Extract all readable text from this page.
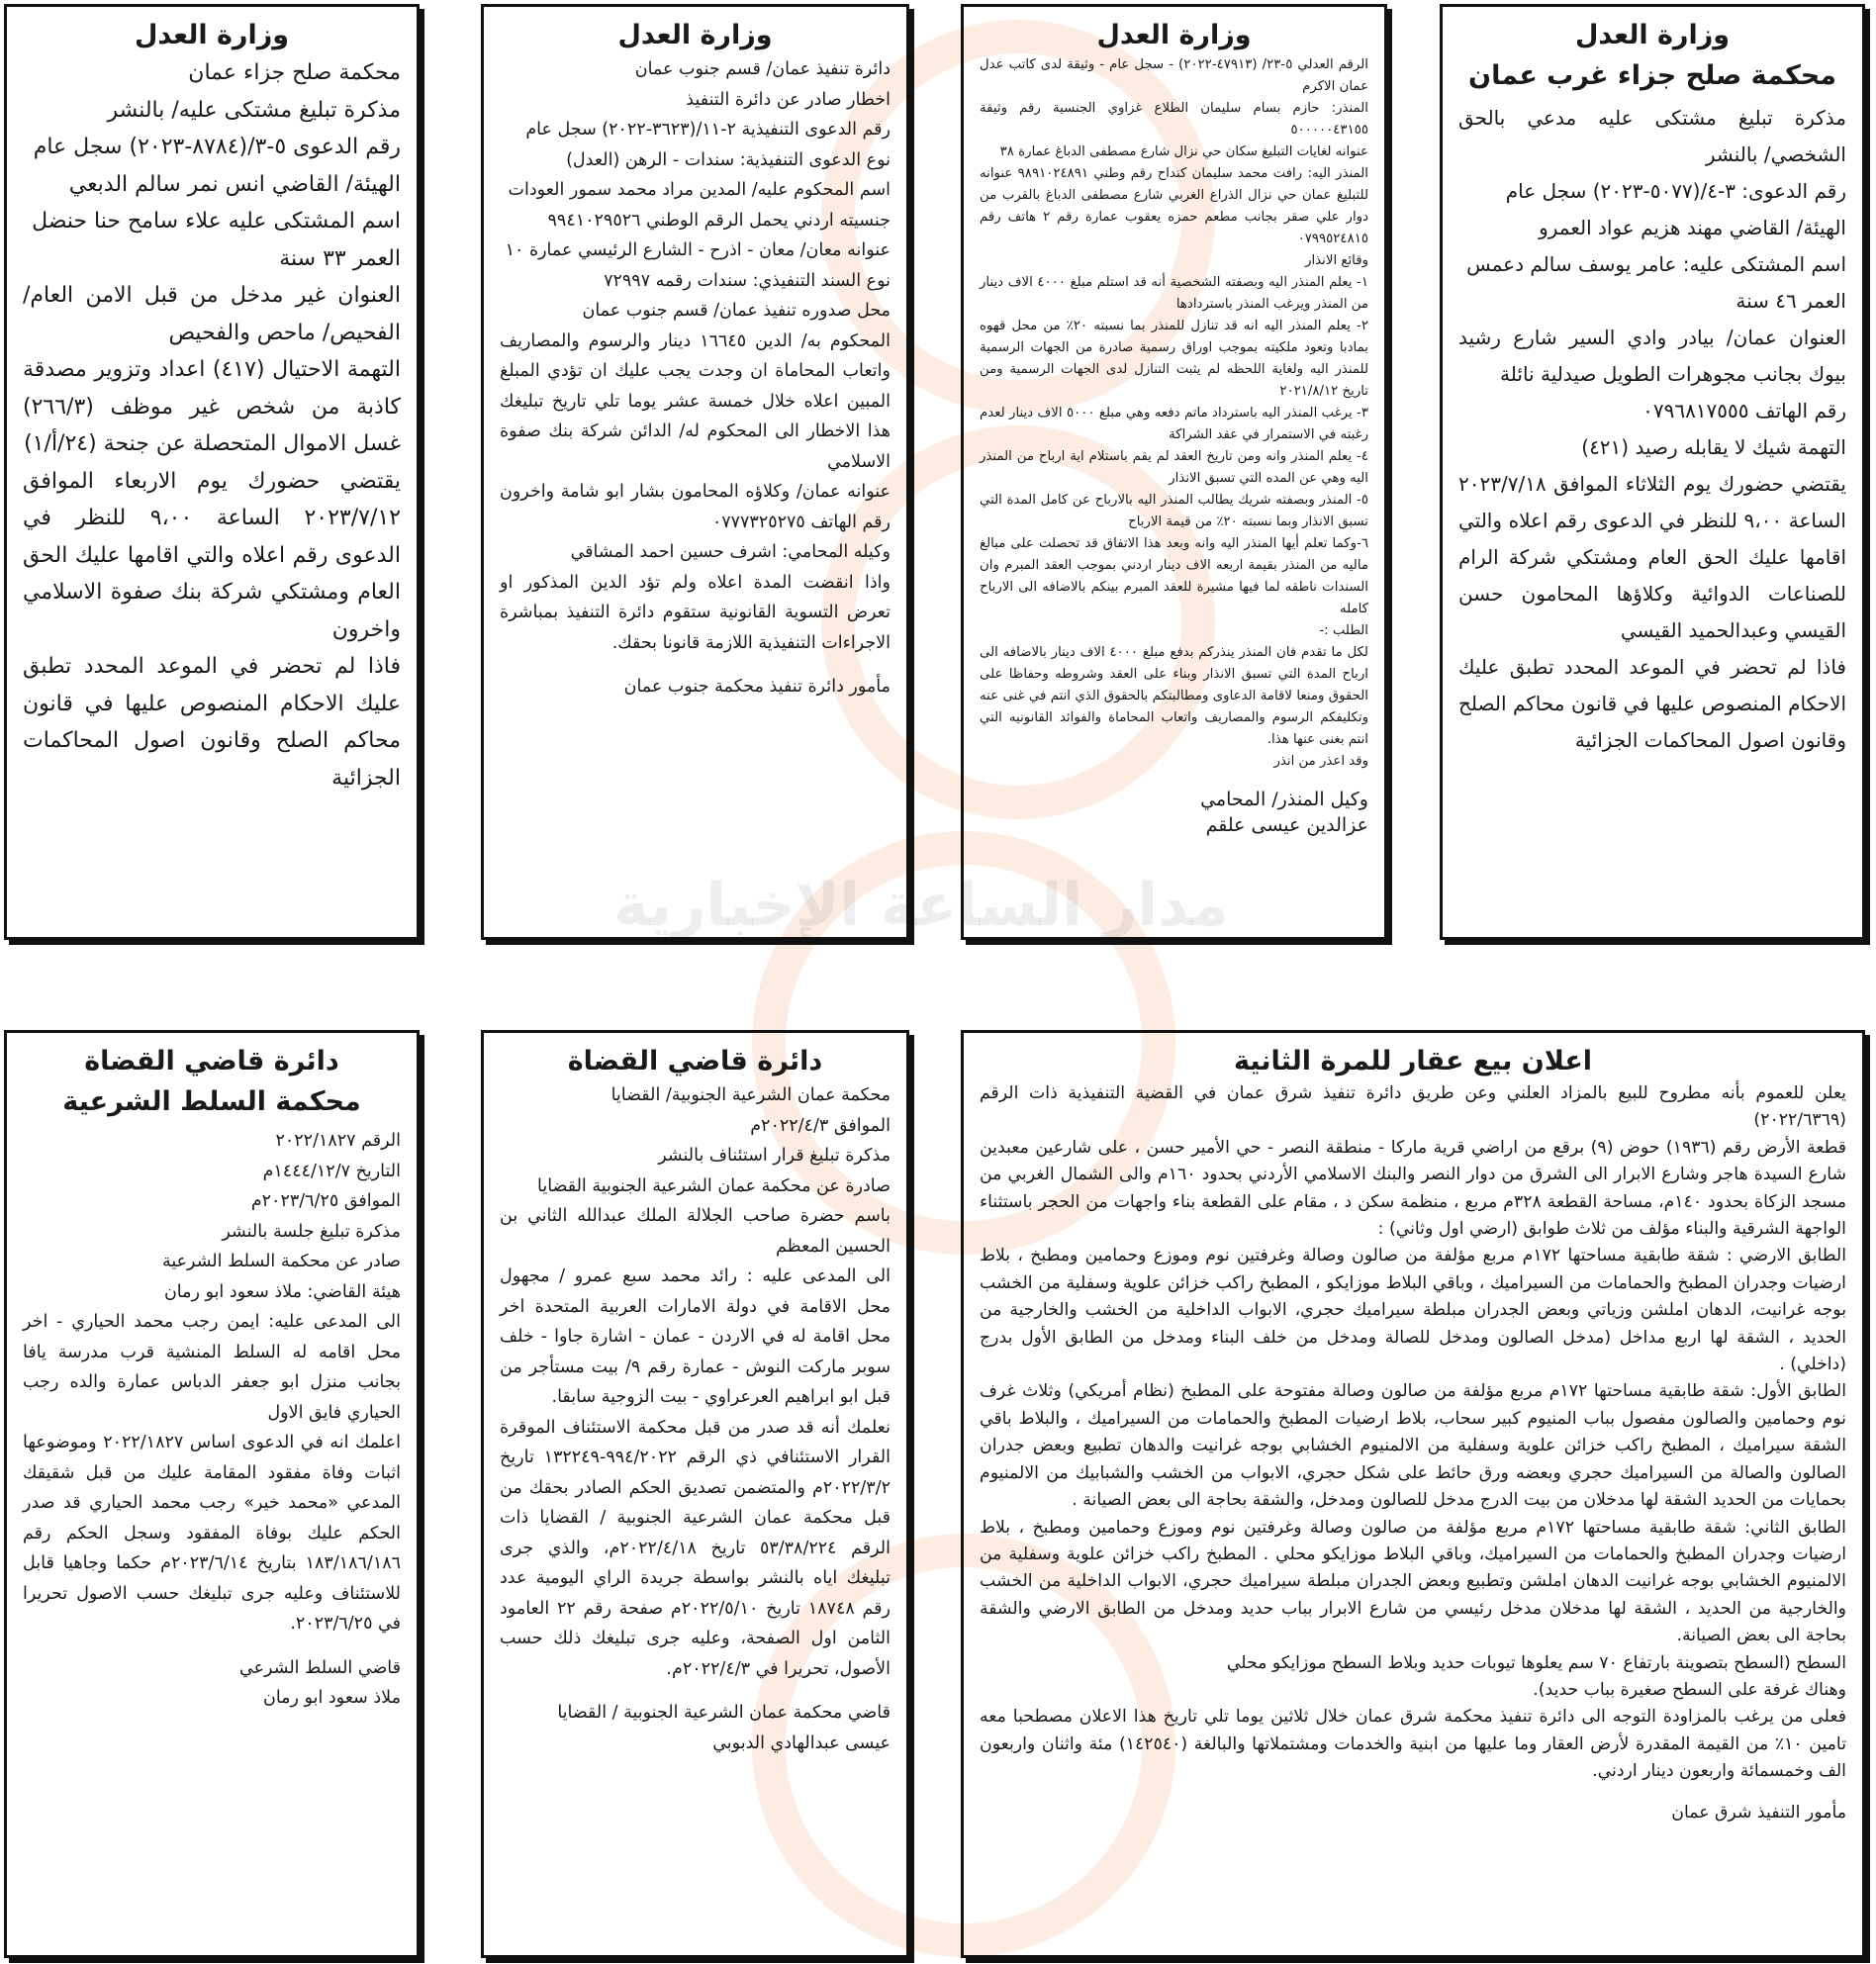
مدار الساعة الإخبارية
وزارة العدل
محكمة صلح جزاء غرب عمان

مذكرة تبليغ مشتكى عليه مدعي بالحق الشخصي/ بالنشر

رقم الدعوى: ٣-٤/(٥٠٧٧-٢٠٢٣) سجل عام

الهيئة/ القاضي مهند هزيم عواد العمرو

اسم المشتكى عليه: عامر يوسف سالم دعمس

العمر ٤٦ سنة

العنوان عمان/ بيادر وادي السير شارع رشيد بيوك بجانب مجوهرات الطويل صيدلية نائلة

رقم الهاتف ٠٧٩٦٨١٧٥٥٥

التهمة شيك لا يقابله رصيد (٤٢١)

يقتضي حضورك يوم الثلاثاء الموافق ٢٠٢٣/٧/١٨ الساعة ٩،٠٠ للنظر في الدعوى رقم اعلاه والتي اقامها عليك الحق العام ومشتكي شركة الرام للصناعات الدوائية وكلاؤها المحامون حسن القيسي وعبدالحميد القيسي

فاذا لم تحضر في الموعد المحدد تطبق عليك الاحكام المنصوص عليها في قانون محاكم الصلح وقانون اصول المحاكمات الجزائية

وزارة العدل

الرقم العدلي ٥-٢٣/ (٤٧٩١٣-٢٠٢٢) - سجل عام - وثيقة لدى كاتب عدل عمان الاكرم

المنذر: حازم بسام سليمان الطلاع غزاوي الجنسية رقم وثيقة ٥٠٠٠٠٠٤٣١٥٥

عنوانه لغايات التبليغ سكان حي نزال شارع مصطفى الدباغ عمارة ٣٨

المنذر اليه: رافت محمد سليمان كنداح رقم وطني ٩٨٩١٠٢٤٨٩١ عنوانه للتبليغ عمان حي نزال الذراع الغربي شارع مصطفى الدباغ بالقرب من دوار علي صقر بجانب مطعم حمزه يعقوب عمارة رقم ٢ هاتف رقم ٠٧٩٩٥٢٤٨١٥

وقائع الانذار

١- يعلم المنذر اليه وبصفته الشخصية أنه قد استلم مبلغ ٤٠٠٠ الاف دينار من المنذر ويرغب المنذر باستردادها

٢- يعلم المنذر اليه انه قد تنازل للمنذر بما نسبته ٢٠٪ من محل قهوه بمادبا وتعود ملكيته بموجب اوراق رسمية صادرة من الجهات الرسمية للمنذر اليه ولغاية اللحظه لم يثبت التنازل لدى الجهات الرسمية ومن تاريخ ٢٠٢١/٨/١٢

٣- يرغب المنذر اليه باسترداد ماتم دفعه وهي مبلغ ٥٠٠٠ الاف دينار لعدم رغبته في الاستمرار في عقد الشراكة

٤- يعلم المنذر وانه ومن تاريخ العقد لم يقم باستلام اية ارباح من المنذر اليه وهي عن المده التي تسبق الانذار

٥- المنذر وبصفته شريك يطالب المنذر اليه بالارباح عن كامل المدة التي تسبق الانذار وبما نسبته ٢٠٪ من قيمة الارباح

٦-وكما تعلم أيها المنذر اليه وانه وبعد هذا الاتفاق قد تحصلت على مبالغ ماليه من المنذر بقيمة اربعه الاف دينار اردني بموجب العقد المبرم وان السندات ناطقه لما فيها مشيرة للعقد المبرم بينكم بالاضافه الى الارباح كامله

الطلب :-

لكل ما تقدم فان المنذر ينذركم بدفع مبلغ ٤٠٠٠ الاف دينار بالاضافه الى ارباح المدة التي تسبق الانذار وبناء على العقد وشروطه وحفاظا على الحقوق ومنعا لاقامة الدعاوى ومطالبتكم بالحقوق الذي انتم في غنى عنه وتكليفكم الرسوم والمصاريف واتعاب المحاماة والفوائد القانونيه التي انتم بغنى عنها هذا.

وقد اعذر من انذر

وكيل المنذر/ المحامي

عزالدين عيسى علقم

وزارة العدل

دائرة تنفيذ عمان/ قسم جنوب عمان

اخطار صادر عن دائرة التنفيذ

رقم الدعوى التنفيذية ٢-١١/(٣٦٢٣-٢٠٢٢) سجل عام

نوع الدعوى التنفيذية: سندات - الرهن (العدل)

اسم المحكوم عليه/ المدين مراد محمد سمور العودات

جنسيته اردني يحمل الرقم الوطني ٩٩٤١٠٢٩٥٢٦

عنوانه معان/ معان - اذرح - الشارع الرئيسي عمارة ١٠

نوع السند التنفيذي: سندات رقمه ٧٢٩٩٧

محل صدوره تنفيذ عمان/ قسم جنوب عمان

المحكوم به/ الدين ١٦٦٤٥ دينار والرسوم والمصاريف واتعاب المحاماة ان وجدت يجب عليك ان تؤدي المبلغ المبين اعلاه خلال خمسة عشر يوما تلي تاريخ تبليغك هذا الاخطار الى المحكوم له/ الدائن شركة بنك صفوة الاسلامي

عنوانه عمان/ وكلاؤه المحامون بشار ابو شامة واخرون رقم الهاتف ٠٧٧٧٣٢٥٢٧٥

وكيله المحامي: اشرف حسين احمد المشاقي

واذا انقضت المدة اعلاه ولم تؤد الدين المذكور او تعرض التسوية القانونية ستقوم دائرة التنفيذ بمباشرة الاجراءات التنفيذية اللازمة قانونا بحقك.

مأمور دائرة تنفيذ محكمة جنوب عمان

وزارة العدل

محكمة صلح جزاء عمان

مذكرة تبليغ مشتكى عليه/ بالنشر

رقم الدعوى ٥-٣/(٨٧٨٤-٢٠٢٣) سجل عام

الهيئة/ القاضي انس نمر سالم الدبعي

اسم المشتكى عليه علاء سامح حنا حنضل

العمر ٣٣ سنة

العنوان غير مدخل من قبل الامن العام/ الفحيص/ ماحص والفحيص

التهمة الاحتيال (٤١٧) اعداد وتزوير مصدقة كاذبة من شخص غير موظف (٢٦٦/٣) غسل الاموال المتحصلة عن جنحة (٢٤/أ/١)

يقتضي حضورك يوم الاربعاء الموافق ٢٠٢٣/٧/١٢ الساعة ٩،٠٠ للنظر في الدعوى رقم اعلاه والتي اقامها عليك الحق العام ومشتكي شركة بنك صفوة الاسلامي واخرون

فاذا لم تحضر في الموعد المحدد تطبق عليك الاحكام المنصوص عليها في قانون محاكم الصلح وقانون اصول المحاكمات الجزائية

اعلان بيع عقار للمرة الثانية

يعلن للعموم بأنه مطروح للبيع بالمزاد العلني وعن طريق دائرة تنفيذ شرق عمان في القضية التنفيذية ذات الرقم (٢٠٢٢/٦٣٦٩)

قطعة الأرض رقم (١٩٣٦) حوض (٩) برقع من اراضي قرية ماركا - منطقة النصر - حي الأمير حسن ، على شارعين معبدين شارع السيدة هاجر وشارع الابرار الى الشرق من دوار النصر والبنك الاسلامي الأردني بحدود ١٦٠م والى الشمال الغربي من مسجد الزكاة بحدود ١٤٠م، مساحة القطعة ٣٢٨م مربع ، منظمة سكن د ، مقام على القطعة بناء واجهات من الحجر باستثناء الواجهة الشرقية والبناء مؤلف من ثلاث طوابق (ارضي اول وثاني) :

الطابق الارضي : شقة طابقية مساحتها ١٧٢م مربع مؤلفة من صالون وصالة وغرفتين نوم وموزع وحمامين ومطبخ ، بلاط ارضيات وجدران المطبخ والحمامات من السيراميك ، وباقي البلاط موزايكو ، المطبخ راكب خزائن علوية وسفلية من الخشب بوجه غرانيت، الدهان املشن وزياتي وبعض الجدران مبلطة سيراميك حجري، الابواب الداخلية من الخشب والخارجية من الحديد ، الشقة لها اربع مداخل (مدخل الصالون ومدخل للصالة ومدخل من خلف البناء ومدخل من الطابق الأول بدرج (داخلي) .

الطابق الأول: شقة طابقية مساحتها ١٧٢م مربع مؤلفة من صالون وصالة مفتوحة على المطبخ (نظام أمريكي) وثلاث غرف نوم وحمامين والصالون مفصول بباب المنيوم كبير سحاب، بلاط ارضيات المطبخ والحمامات من السيراميك ، والبلاط باقي الشقة سيراميك ، المطبخ راكب خزائن علوية وسفلية من الالمنيوم الخشابي بوجه غرانيت والدهان تطبيع وبعض جدران الصالون والصالة من السيراميك حجري وبعضه ورق حائط على شكل حجري، الابواب من الخشب والشبابيك من الالمنيوم بحمايات من الحديد الشقة لها مدخلان من بيت الدرج مدخل للصالون ومدخل، والشقة بحاجة الى بعض الصيانة .

الطابق الثاني: شقة طابقية مساحتها ١٧٢م مربع مؤلفة من صالون وصالة وغرفتين نوم وموزع وحمامين ومطبخ ، بلاط ارضيات وجدران المطبخ والحمامات من السيراميك، وباقي البلاط موزايكو محلي . المطبخ راكب خزائن علوية وسفلية من الالمنيوم الخشابي بوجه غرانيت الدهان املشن وتطبيع وبعض الجدران مبلطة سيراميك حجري، الابواب الداخلية من الخشب والخارجية من الحديد ، الشقة لها مدخلان مدخل رئيسي من شارع الابرار بباب حديد ومدخل من الطابق الارضي والشقة بحاجة الى بعض الصيانة.

السطح (السطح بتصوينة بارتفاع ٧٠ سم يعلوها تيوبات حديد وبلاط السطح موزايكو محلي

وهناك غرفة على السطح صغيرة بباب حديد).

فعلى من يرغب بالمزاودة التوجه الى دائرة تنفيذ محكمة شرق عمان خلال ثلاثين يوما تلي تاريخ هذا الاعلان مصطحبا معه تامين ١٠٪ من القيمة المقدرة لأرض العقار وما عليها من ابنية والخدمات ومشتملاتها والبالغة (١٤٢٥٤٠) مئة واثنان واربعون الف وخمسمائة واربعون دينار اردني.

مأمور التنفيذ شرق عمان

دائرة قاضي القضاة

محكمة عمان الشرعية الجنوبية/ القضايا

الموافق ٢٠٢٢/٤/٣م

مذكرة تبليغ قرار استئناف بالنشر

صادرة عن محكمة عمان الشرعية الجنوبية القضايا

باسم حضرة صاحب الجلالة الملك عبدالله الثاني بن الحسين المعظم

الى المدعى عليه : رائد محمد سبع عمرو / مجهول محل الاقامة في دولة الامارات العربية المتحدة اخر محل اقامة له في الاردن - عمان - اشارة جاوا - خلف سوبر ماركت النوش - عمارة رقم ٩/ بيت مستأجر من قبل ابو ابراهيم العرعراوي - بيت الزوجية سابقا.

نعلمك أنه قد صدر من قبل محكمة الاستئناف الموقرة القرار الاستئنافي ذي الرقم ٩٩٤/٢٠٢٢-١٣٢٢٤٩ تاريخ ٢٠٢٢/٣/٢م والمتضمن تصديق الحكم الصادر بحقك من قبل محكمة عمان الشرعية الجنوبية / القضايا ذات الرقم ٥٣/٣٨/٢٢٤ تاريخ ٢٠٢٢/٤/١٨م، والذي جرى تبليغك اياه بالنشر بواسطة جريدة الراي اليومية عدد رقم ١٨٧٤٨ تاريخ ٢٠٢٢/٥/١٠م صفحة رقم ٢٢ العامود الثامن اول الصفحة، وعليه جرى تبليغك ذلك حسب الأصول، تحريرا في ٢٠٢٢/٤/٣م.

قاضي محكمة عمان الشرعية الجنوبية / القضايا

عيسى عبدالهادي الدبوبي

دائرة قاضي القضاة
محكمة السلط الشرعية

الرقم ٢٠٢٢/١٨٢٧

التاريخ ١٤٤٤/١٢/٧م

الموافق ٢٠٢٣/٦/٢٥م

مذكرة تبليغ جلسة بالنشر

صادر عن محكمة السلط الشرعية

هيئة القاضي: ملاذ سعود ابو رمان

الى المدعى عليه: ايمن رجب محمد الحياري - اخر محل اقامه له السلط المنشية قرب مدرسة يافا بجانب منزل ابو جعفر الدباس عمارة والده رجب الحياري فايق الاول

اعلمك انه في الدعوى اساس ٢٠٢٢/١٨٢٧ وموضوعها اثبات وفاة مفقود المقامة عليك من قبل شقيقك المدعي «محمد خير» رجب محمد الحياري قد صدر الحكم عليك بوفاة المفقود وسجل الحكم رقم ١٨٣/١٨٦/١٨٦ بتاريخ ٢٠٢٣/٦/١٤م حكما وجاهيا قابل للاستئناف وعليه جرى تبليغك حسب الاصول تحريرا في ٢٠٢٣/٦/٢٥.

قاضي السلط الشرعي

ملاذ سعود ابو رمان
